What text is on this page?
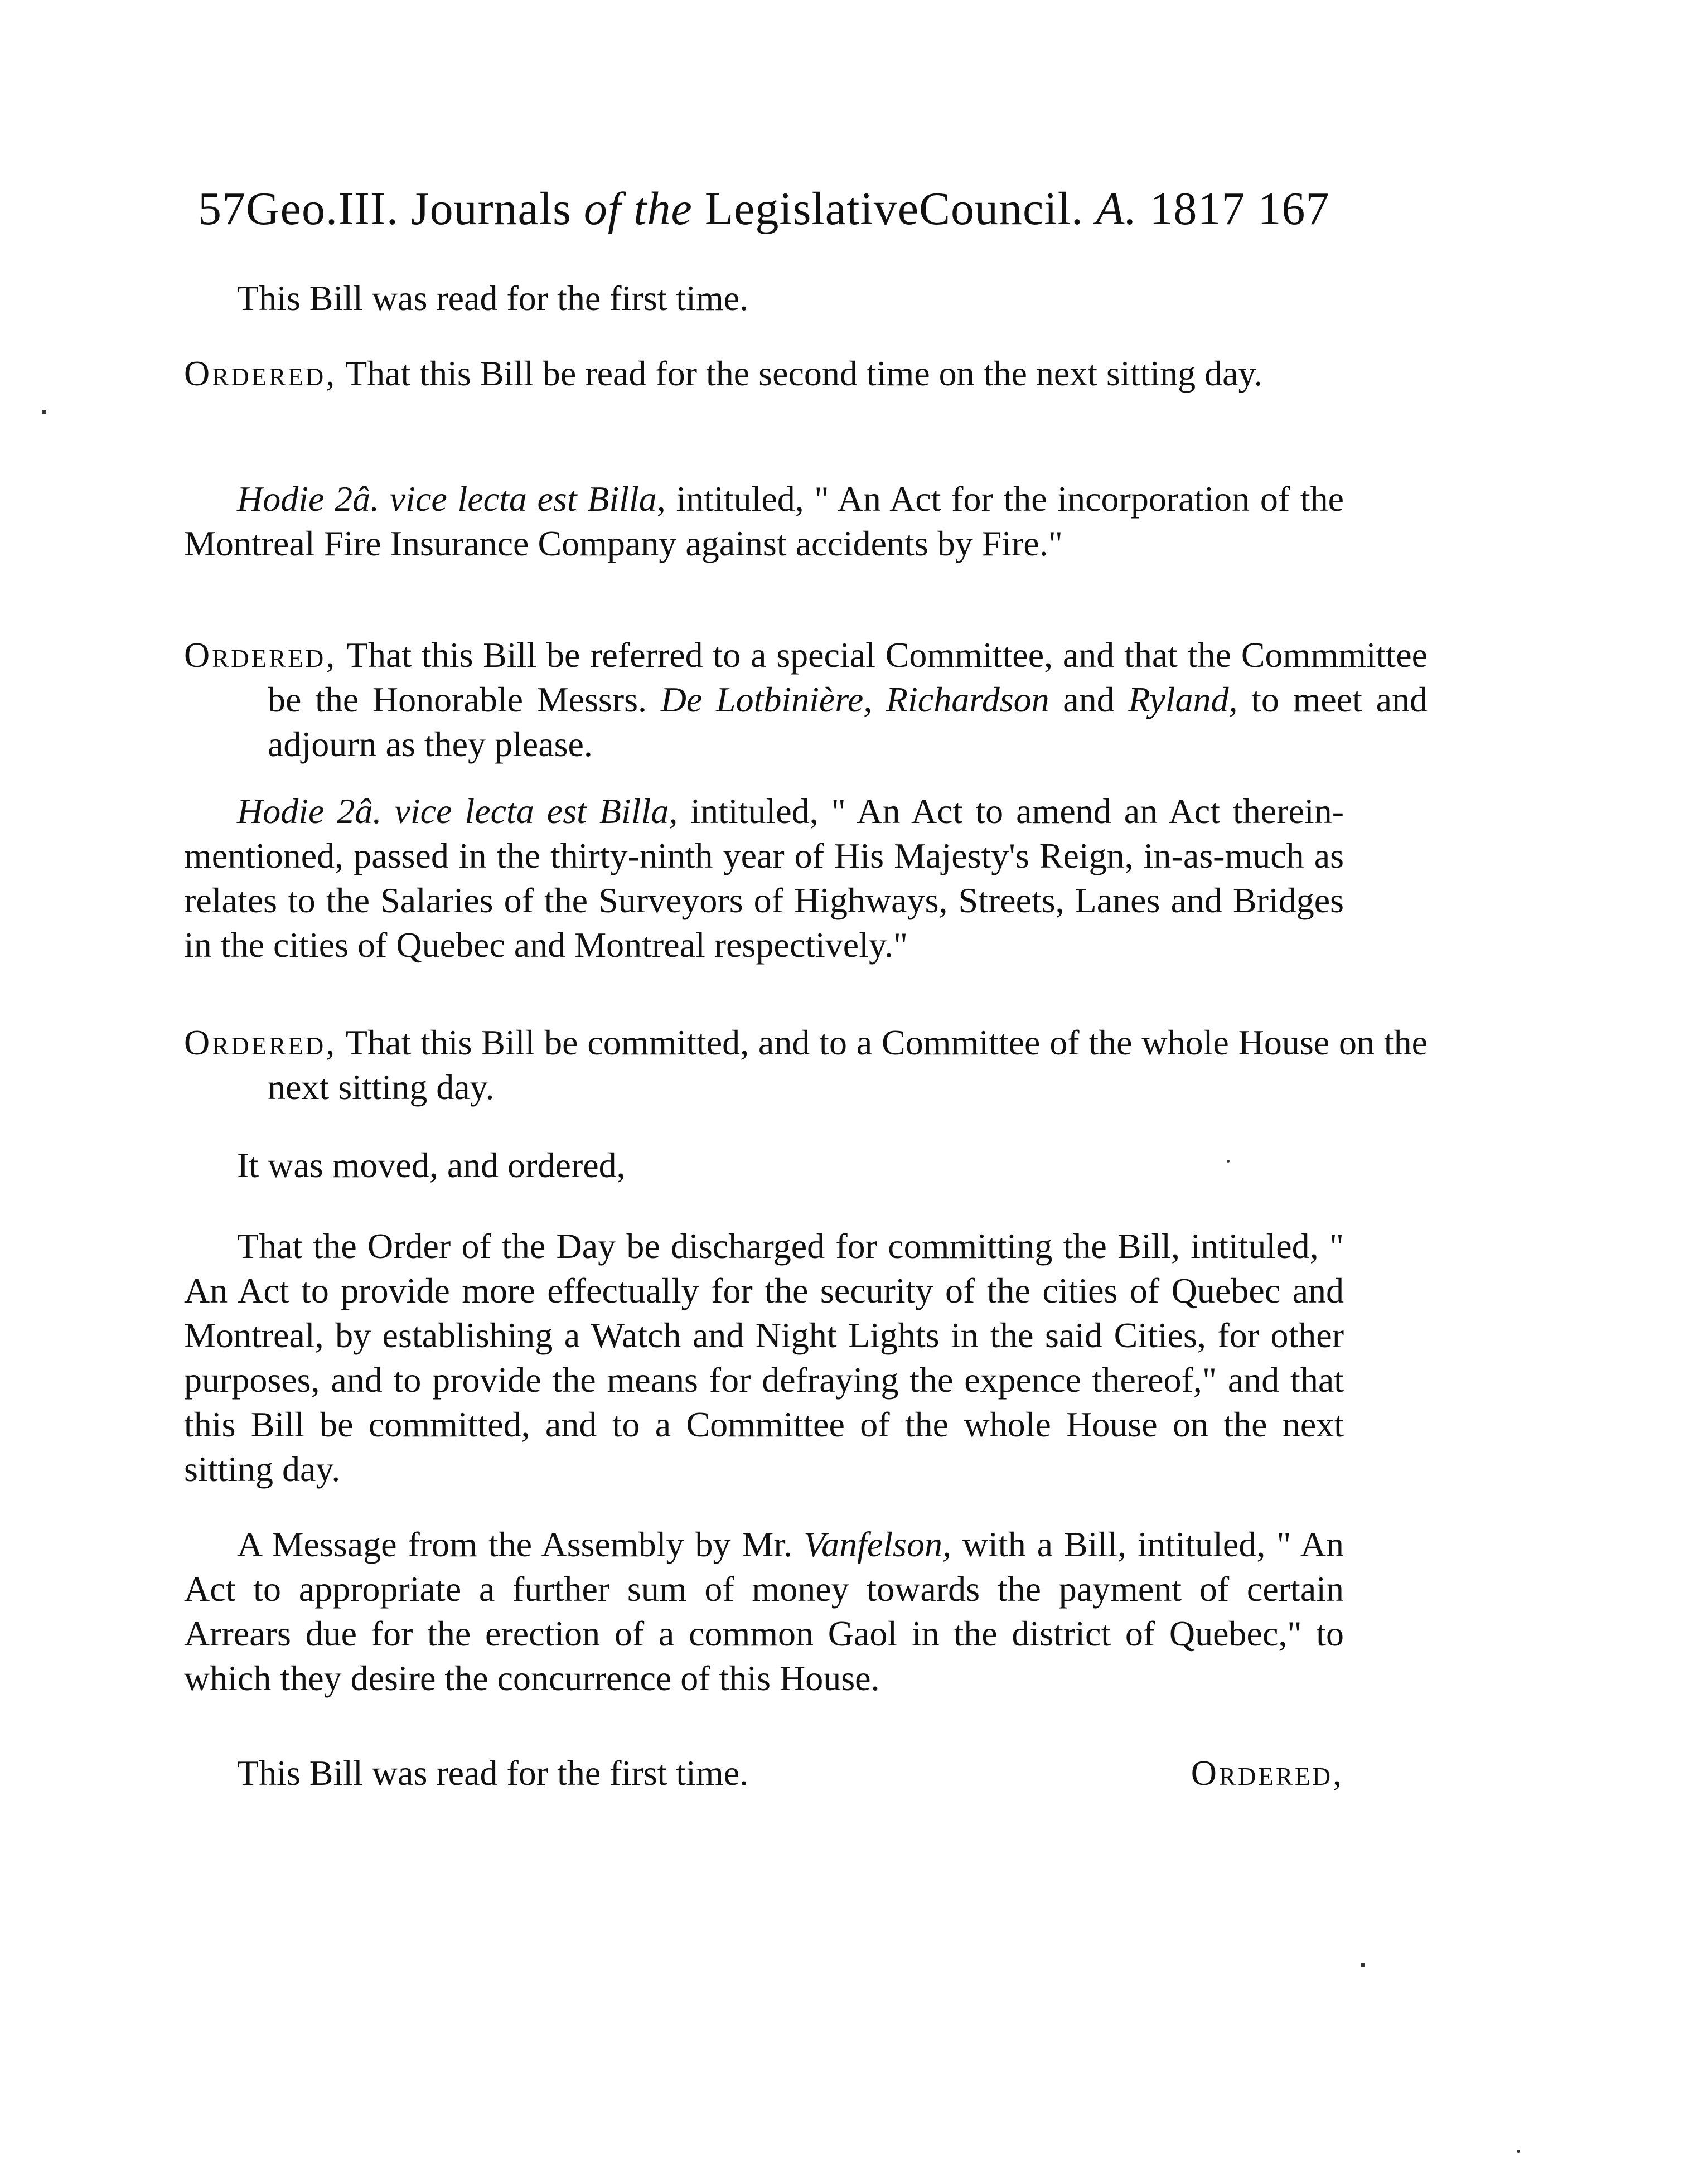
57Geo.III. Journals of the LegislativeCouncil. A. 1817 167
This Bill was read for the first time.
Ordered, That this Bill be read for the second time on the next sitting day.
Hodie 2â. vice lecta est Billa, intituled, " An Act for the incorporation of the Montreal Fire Insurance Company against accidents by Fire."
Ordered, That this Bill be referred to a special Committee, and that the Commmittee be the Honorable Messrs. De Lotbinière, Richardson and Ryland, to meet and adjourn as they please.
Hodie 2â. vice lecta est Billa, intituled, " An Act to amend an Act therein-mentioned, passed in the thirty-ninth year of His Majesty's Reign, in-as-much as relates to the Salaries of the Surveyors of Highways, Streets, Lanes and Bridges in the cities of Quebec and Montreal respectively."
Ordered, That this Bill be committed, and to a Committee of the whole House on the next sitting day.
It was moved, and ordered,
That the Order of the Day be discharged for committing the Bill, intituled, " An Act to provide more effectually for the security of the cities of Quebec and Montreal, by establishing a Watch and Night Lights in the said Cities, for other purposes, and to provide the means for defraying the expence thereof," and that this Bill be committed, and to a Committee of the whole House on the next sitting day.
A Message from the Assembly by Mr. Vanfelson, with a Bill, intituled, " An Act to appropriate a further sum of money towards the payment of certain Arrears due for the erection of a common Gaol in the district of Quebec," to which they desire the concurrence of this House.
This Bill was read for the first time.	Ordered,
